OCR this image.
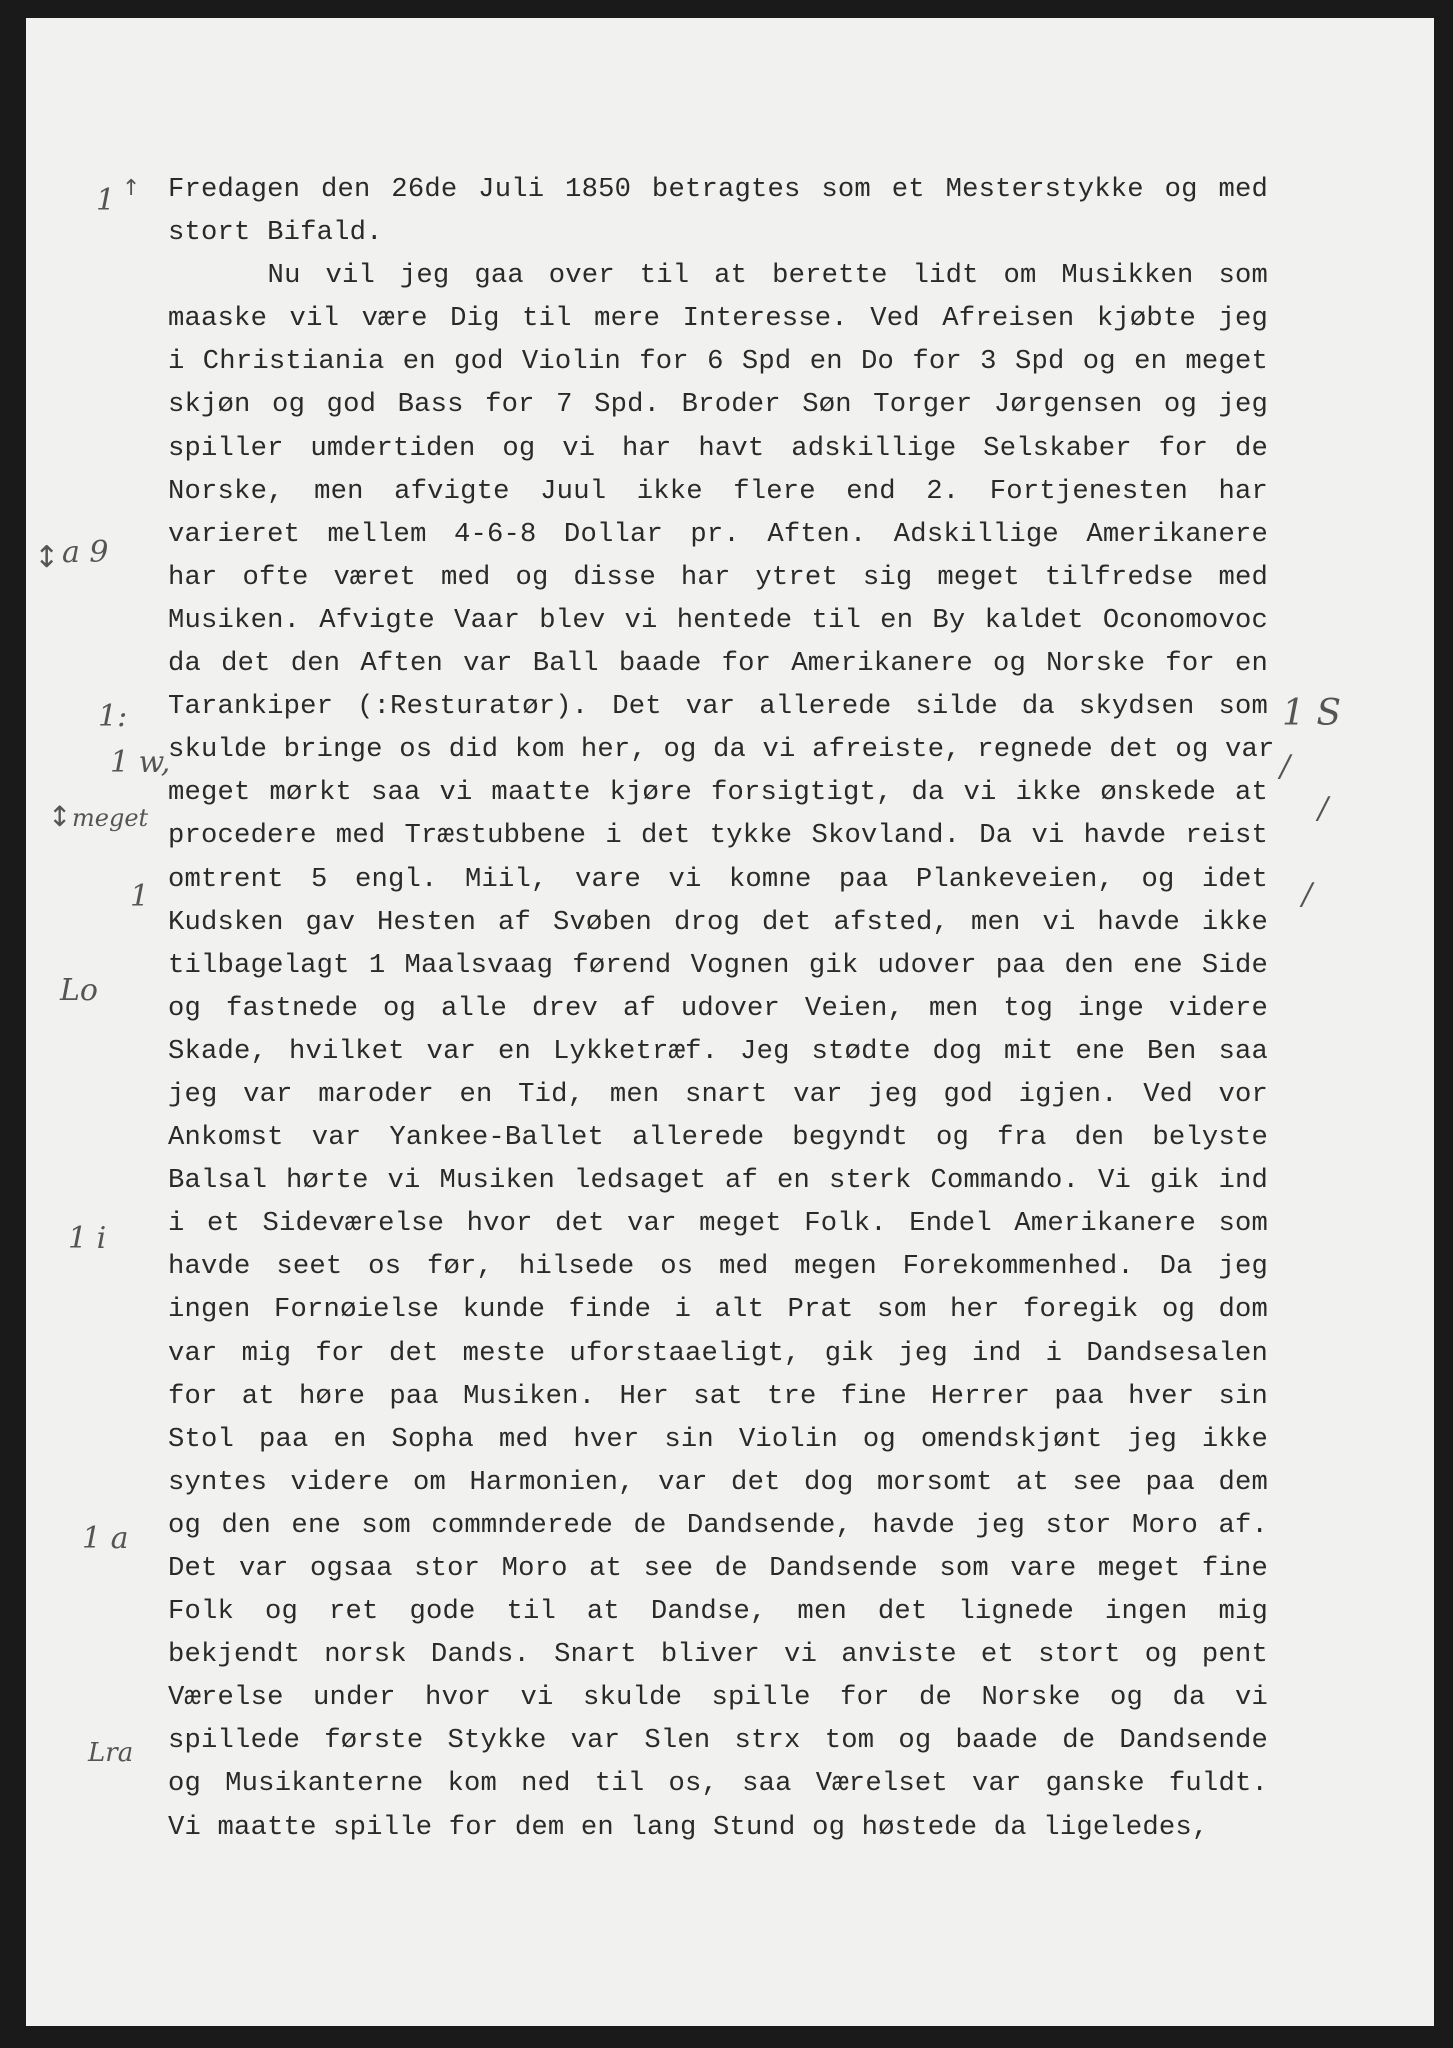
Fredagen den 26de Juli 1850 betragtes som et Mesterstykke og med
stort Bifald.
Nu vil jeg gaa over til at berette lidt om Musikken som
maaske vil være Dig til mere Interesse. Ved Afreisen kjøbte jeg
i Christiania en god Violin for 6 Spd en Do for 3 Spd og en meget
skjøn og god Bass for 7 Spd. Broder Søn Torger Jørgensen og jeg
spiller umdertiden og vi har havt adskillige Selskaber for de
Norske, men afvigte Juul ikke flere end 2. Fortjenesten har
varieret mellem 4-6-8 Dollar pr. Aften. Adskillige Amerikanere
har ofte været med og disse har ytret sig meget tilfredse med
Musiken. Afvigte Vaar blev vi hentede til en By kaldet Oconomovoc
da det den Aften var Ball baade for Amerikanere og Norske for en
Tarankiper (:Resturatør). Det var allerede silde da skydsen som
skulde bringe os did kom her, og da vi afreiste, regnede det og var
meget mørkt saa vi maatte kjøre forsigtigt, da vi ikke ønskede at
procedere med Træstubbene i det tykke Skovland. Da vi havde reist
omtrent 5 engl. Miil, vare vi komne paa Plankeveien, og idet
Kudsken gav Hesten af Svøben drog det afsted, men vi havde ikke
tilbagelagt 1 Maalsvaag førend Vognen gik udover paa den ene Side
og fastnede og alle drev af udover Veien, men tog inge videre
Skade, hvilket var en Lykketræf. Jeg stødte dog mit ene Ben saa
jeg var maroder en Tid, men snart var jeg god igjen. Ved vor
Ankomst var Yankee-Ballet allerede begyndt og fra den belyste
Balsal hørte vi Musiken ledsaget af en sterk Commando. Vi gik ind
i et Sideværelse hvor det var meget Folk. Endel Amerikanere som
havde seet os før, hilsede os med megen Forekommenhed. Da jeg
ingen Fornøielse kunde finde i alt Prat som her foregik og dom
var mig for det meste uforstaaeligt, gik jeg ind i Dandsesalen
for at høre paa Musiken. Her sat tre fine Herrer paa hver sin
Stol paa en Sopha med hver sin Violin og omendskjønt jeg ikke
syntes videre om Harmonien, var det dog morsomt at see paa dem
og den ene som commnderede de Dandsende, havde jeg stor Moro af.
Det var ogsaa stor Moro at see de Dandsende som vare meget fine
Folk og ret gode til at Dandse, men det lignede ingen mig
bekjendt norsk Dands. Snart bliver vi anviste et stort og pent
Værelse under hvor vi skulde spille for de Norske og da vi
spillede første Stykke var Slen strx tom og baade de Dandsende
og Musikanterne kom ned til os, saa Værelset var ganske fuldt.
Vi maatte spille for dem en lang Stund og høstede da ligeledes,
1 ↑
↕ a 9
1:
1 w,
↕ meget
1
Lo
1 i
1 a
Lra
1 S
/
/
/
